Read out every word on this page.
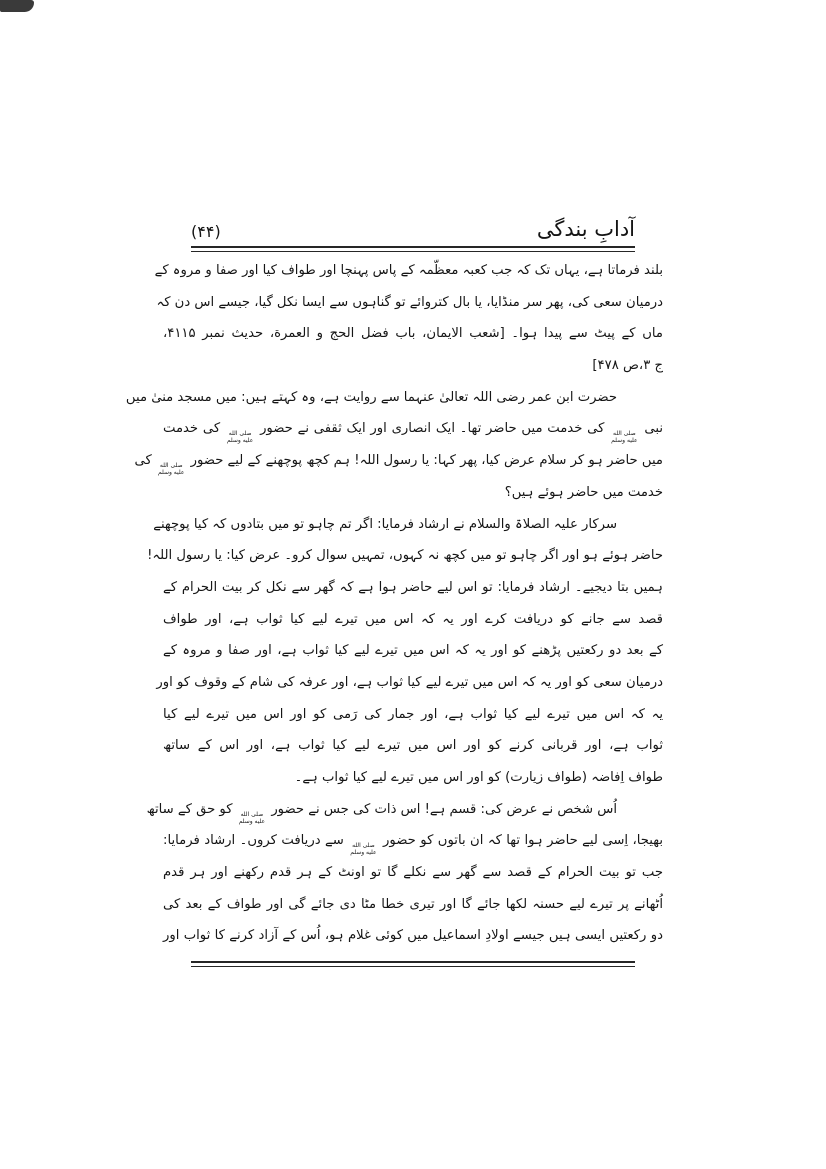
آدابِ بندگی
(۴۴)
بلند فرماتا ہے، یہاں تک کہ جب کعبہ معظّمہ کے پاس پہنچا اور طواف کیا اور صفا و مروہ کے
درمیان سعی کی، پھر سر منڈایا، یا بال کتروائے تو گناہوں سے ایسا نکل گیا، جیسے اس دن کہ
ماں کے پیٹ سے پیدا ہوا۔ [شعب الایمان، باب فضل الحج و العمرة، حدیث نمبر ۴۱۱۵،
ج ۳،ص ۴۷۸]
حضرت ابن عمر رضی اللہ تعالیٰ عنہما سے روایت ہے، وہ کہتے ہیں: میں مسجد منیٰ میں
نبی
صلى الله
عليه وسلم
کی خدمت میں حاضر تھا۔ ایک انصاری اور ایک ثقفی نے حضور
صلى الله
عليه وسلم
کی خدمت
میں حاضر ہو کر سلام عرض کیا، پھر کہا: یا رسول اللہ! ہم کچھ پوچھنے کے لیے حضور
صلى الله
عليه وسلم
کی
خدمت میں حاضر ہوئے ہیں؟
سرکار علیہ الصلاۃ والسلام نے ارشاد فرمایا: اگر تم چاہو تو میں بتادوں کہ کیا پوچھنے
حاضر ہوئے ہو اور اگر چاہو تو میں کچھ نہ کہوں، تمہیں سوال کرو۔ عرض کیا: یا رسول اللہ!
ہمیں بتا دیجیے۔ ارشاد فرمایا: تو اس لیے حاضر ہوا ہے کہ گھر سے نکل کر بیت الحرام کے
قصد سے جانے کو دریافت کرے اور یہ کہ اس میں تیرے لیے کیا ثواب ہے، اور طواف
کے بعد دو رکعتیں پڑھنے کو اور یہ کہ اس میں تیرے لیے کیا ثواب ہے، اور صفا و مروہ کے
درمیان سعی کو اور یہ کہ اس میں تیرے لیے کیا ثواب ہے، اور عرفہ کی شام کے وقوف کو اور
یہ کہ اس میں تیرے لیے کیا ثواب ہے، اور جمار کی رَمی کو اور اس میں تیرے لیے کیا
ثواب ہے، اور قربانی کرنے کو اور اس میں تیرے لیے کیا ثواب ہے، اور اس کے ساتھ
طواف اِفاضہ (طواف زیارت) کو اور اس میں تیرے لیے کیا ثواب ہے۔
اُس شخص نے عرض کی: قسم ہے! اس ذات کی جس نے حضور
صلى الله
عليه وسلم
کو حق کے ساتھ
بھیجا، اِسی لیے حاضر ہوا تھا کہ ان باتوں کو حضور
صلى الله
عليه وسلم
سے دریافت کروں۔ ارشاد فرمایا:
جب تو بیت الحرام کے قصد سے گھر سے نکلے گا تو اونٹ کے ہر قدم رکھنے اور ہر قدم
اُٹھانے پر تیرے لیے حسنہ لکھا جائے گا اور تیری خطا مٹا دی جائے گی اور طواف کے بعد کی
دو رکعتیں ایسی ہیں جیسے اولادِ اسماعیل میں کوئی غلام ہو، اُس کے آزاد کرنے کا ثواب اور
